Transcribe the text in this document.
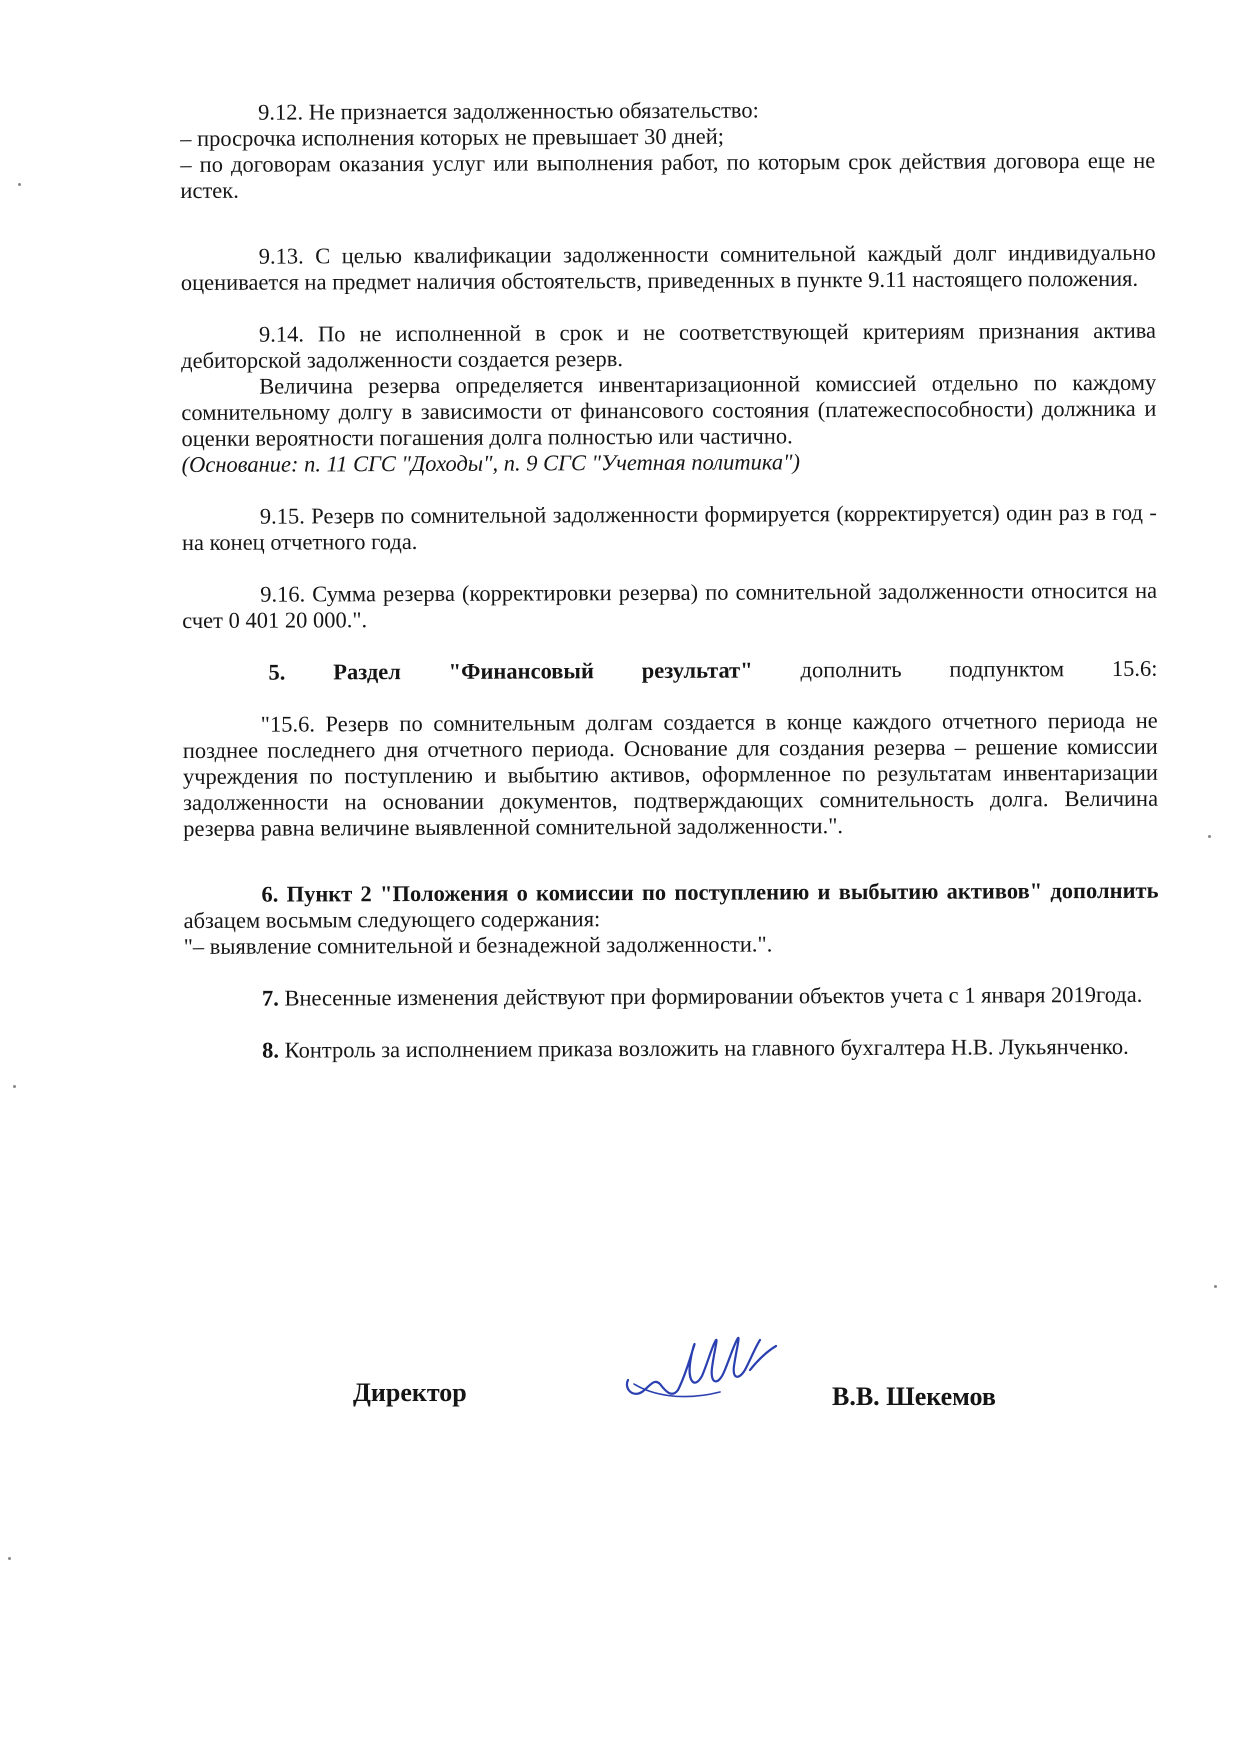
9.12. Не признается задолженностью обязательство:

– просрочка исполнения которых не превышает 30 дней;

– по договорам оказания услуг или выполнения работ, по которым срок действия договора еще не истек.

9.13. С целью квалификации задолженности сомнительной каждый долг индивидуально оценивается на предмет наличия обстоятельств, приведенных в пункте 9.11 настоящего положения.

9.14. По не исполненной в срок и не соответствующей критериям признания актива дебиторской задолженности создается резерв.

Величина резерва определяется инвентаризационной комиссией отдельно по каждому сомнительному долгу в зависимости от финансового состояния (платежеспособности) должника и оценки вероятности погашения долга полностью или частично.

(Основание: п. 11 СГС "Доходы", п. 9 СГС "Учетная политика")

9.15. Резерв по сомнительной задолженности формируется (корректируется) один раз в год - на конец отчетного года.

9.16. Сумма резерва (корректировки резерва) по сомнительной задолженности относится на счет 0 401 20 000.".

5. Раздел "Финансовый результат" дополнить подпунктом 15.6:

"15.6. Резерв по сомнительным долгам создается в конце каждого отчетного периода не позднее последнего дня отчетного периода. Основание для создания резерва – решение комиссии учреждения по поступлению и выбытию активов, оформленное по результатам инвентаризации задолженности на основании документов, подтверждающих сомнительность долга. Величина резерва равна величине выявленной сомнительной задолженности.".

6. Пункт 2 "Положения о комиссии по поступлению и выбытию активов" дополнить абзацем восьмым следующего содержания:

"– выявление сомнительной и безнадежной задолженности.".

7. Внесенные изменения действуют при формировании объектов учета с 1 января 2019года.

8. Контроль за исполнением приказа возложить на главного бухгалтера Н.В. Лукьянченко.

Директор	В.В. Шекемов
